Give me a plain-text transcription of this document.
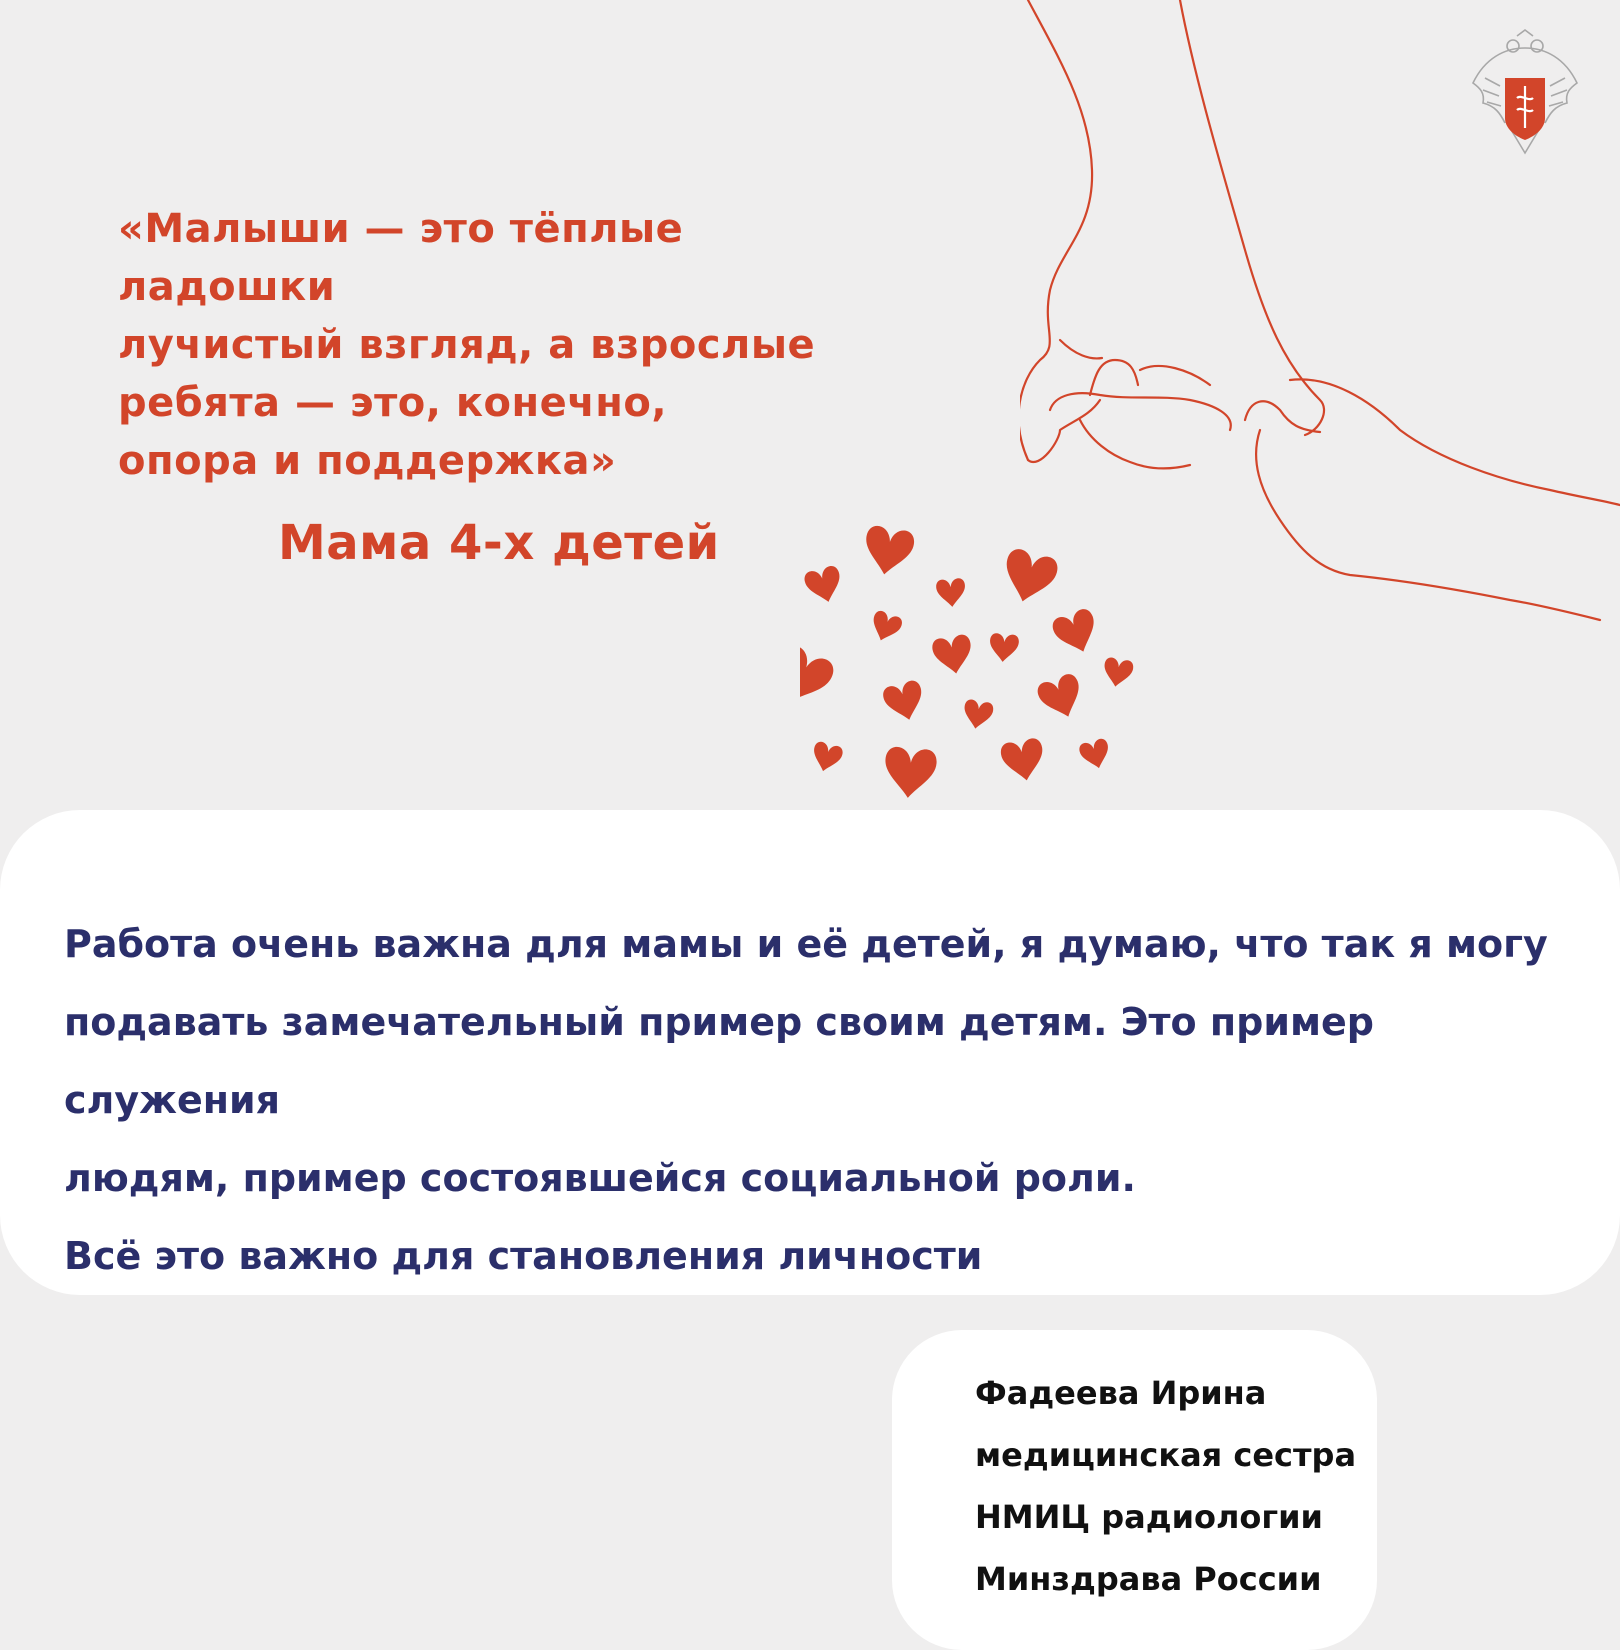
«Малыши — это тёплые ладошки
лучистый взгляд, а взрослые
ребята — это, конечно,
опора и поддержка»
Мама 4-х детей
Работа очень важна для мамы и её детей, я думаю, что так я могу
подавать замечательный пример своим детям. Это пример служения
людям, пример состоявшейся социальной роли.
Всё это важно для становления личности
Фадеева Ирина
медицинская сестра
НМИЦ радиологии
Минздрава России
